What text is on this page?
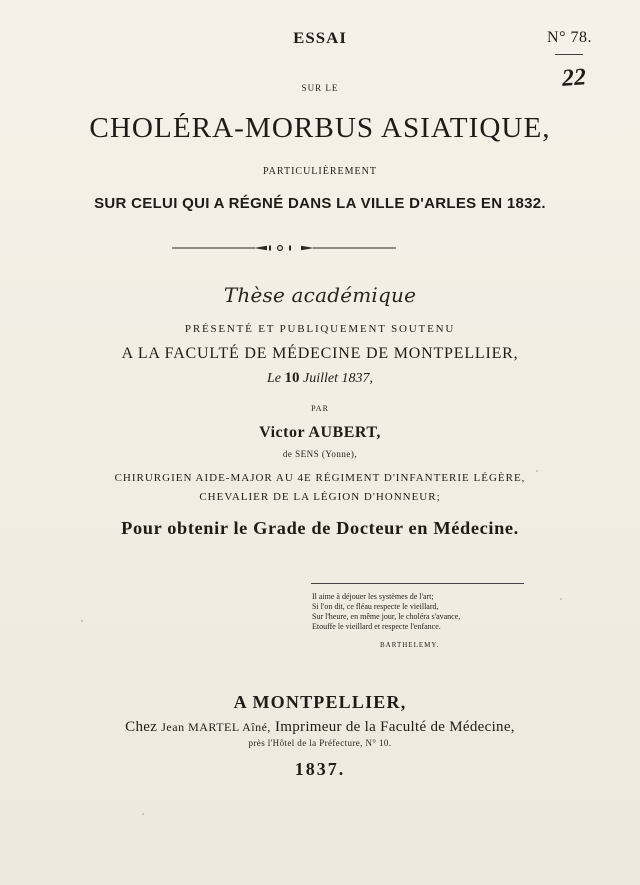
ESSAI	N° 78.
22
SUR LE
CHOLÉRA-MORBUS ASIATIQUE,
PARTICULIÈREMENT
SUR CELUI QUI A RÉGNÉ DANS LA VILLE D'ARLES EN 1832.
Thèse académique
PRÉSENTÉ ET PUBLIQUEMENT SOUTENU
A LA FACULTÉ DE MÉDECINE DE MONTPELLIER,
Le 10 Juillet 1837,
PAR
Victor AUBERT,
de SENS (Yonne),
CHIRURGIEN AIDE-MAJOR AU 4E RÉGIMENT D'INFANTERIE LÉGÈRE,
CHEVALIER DE LA LÉGION D'HONNEUR;
Pour obtenir le Grade de Docteur en Médecine.
Il aime à déjouer les systèmes de l'art;
Si l'on dit, ce fléau respecte le vieillard,
Sur l'heure, en même jour, le choléra s'avance,
Etouffe le vieillard et respecte l'enfance.
BARTHELEMY.
A MONTPELLIER,
Chez Jean MARTEL Aîné, Imprimeur de la Faculté de Médecine,
près l'Hôtel de la Préfecture, N° 10.
1837.
